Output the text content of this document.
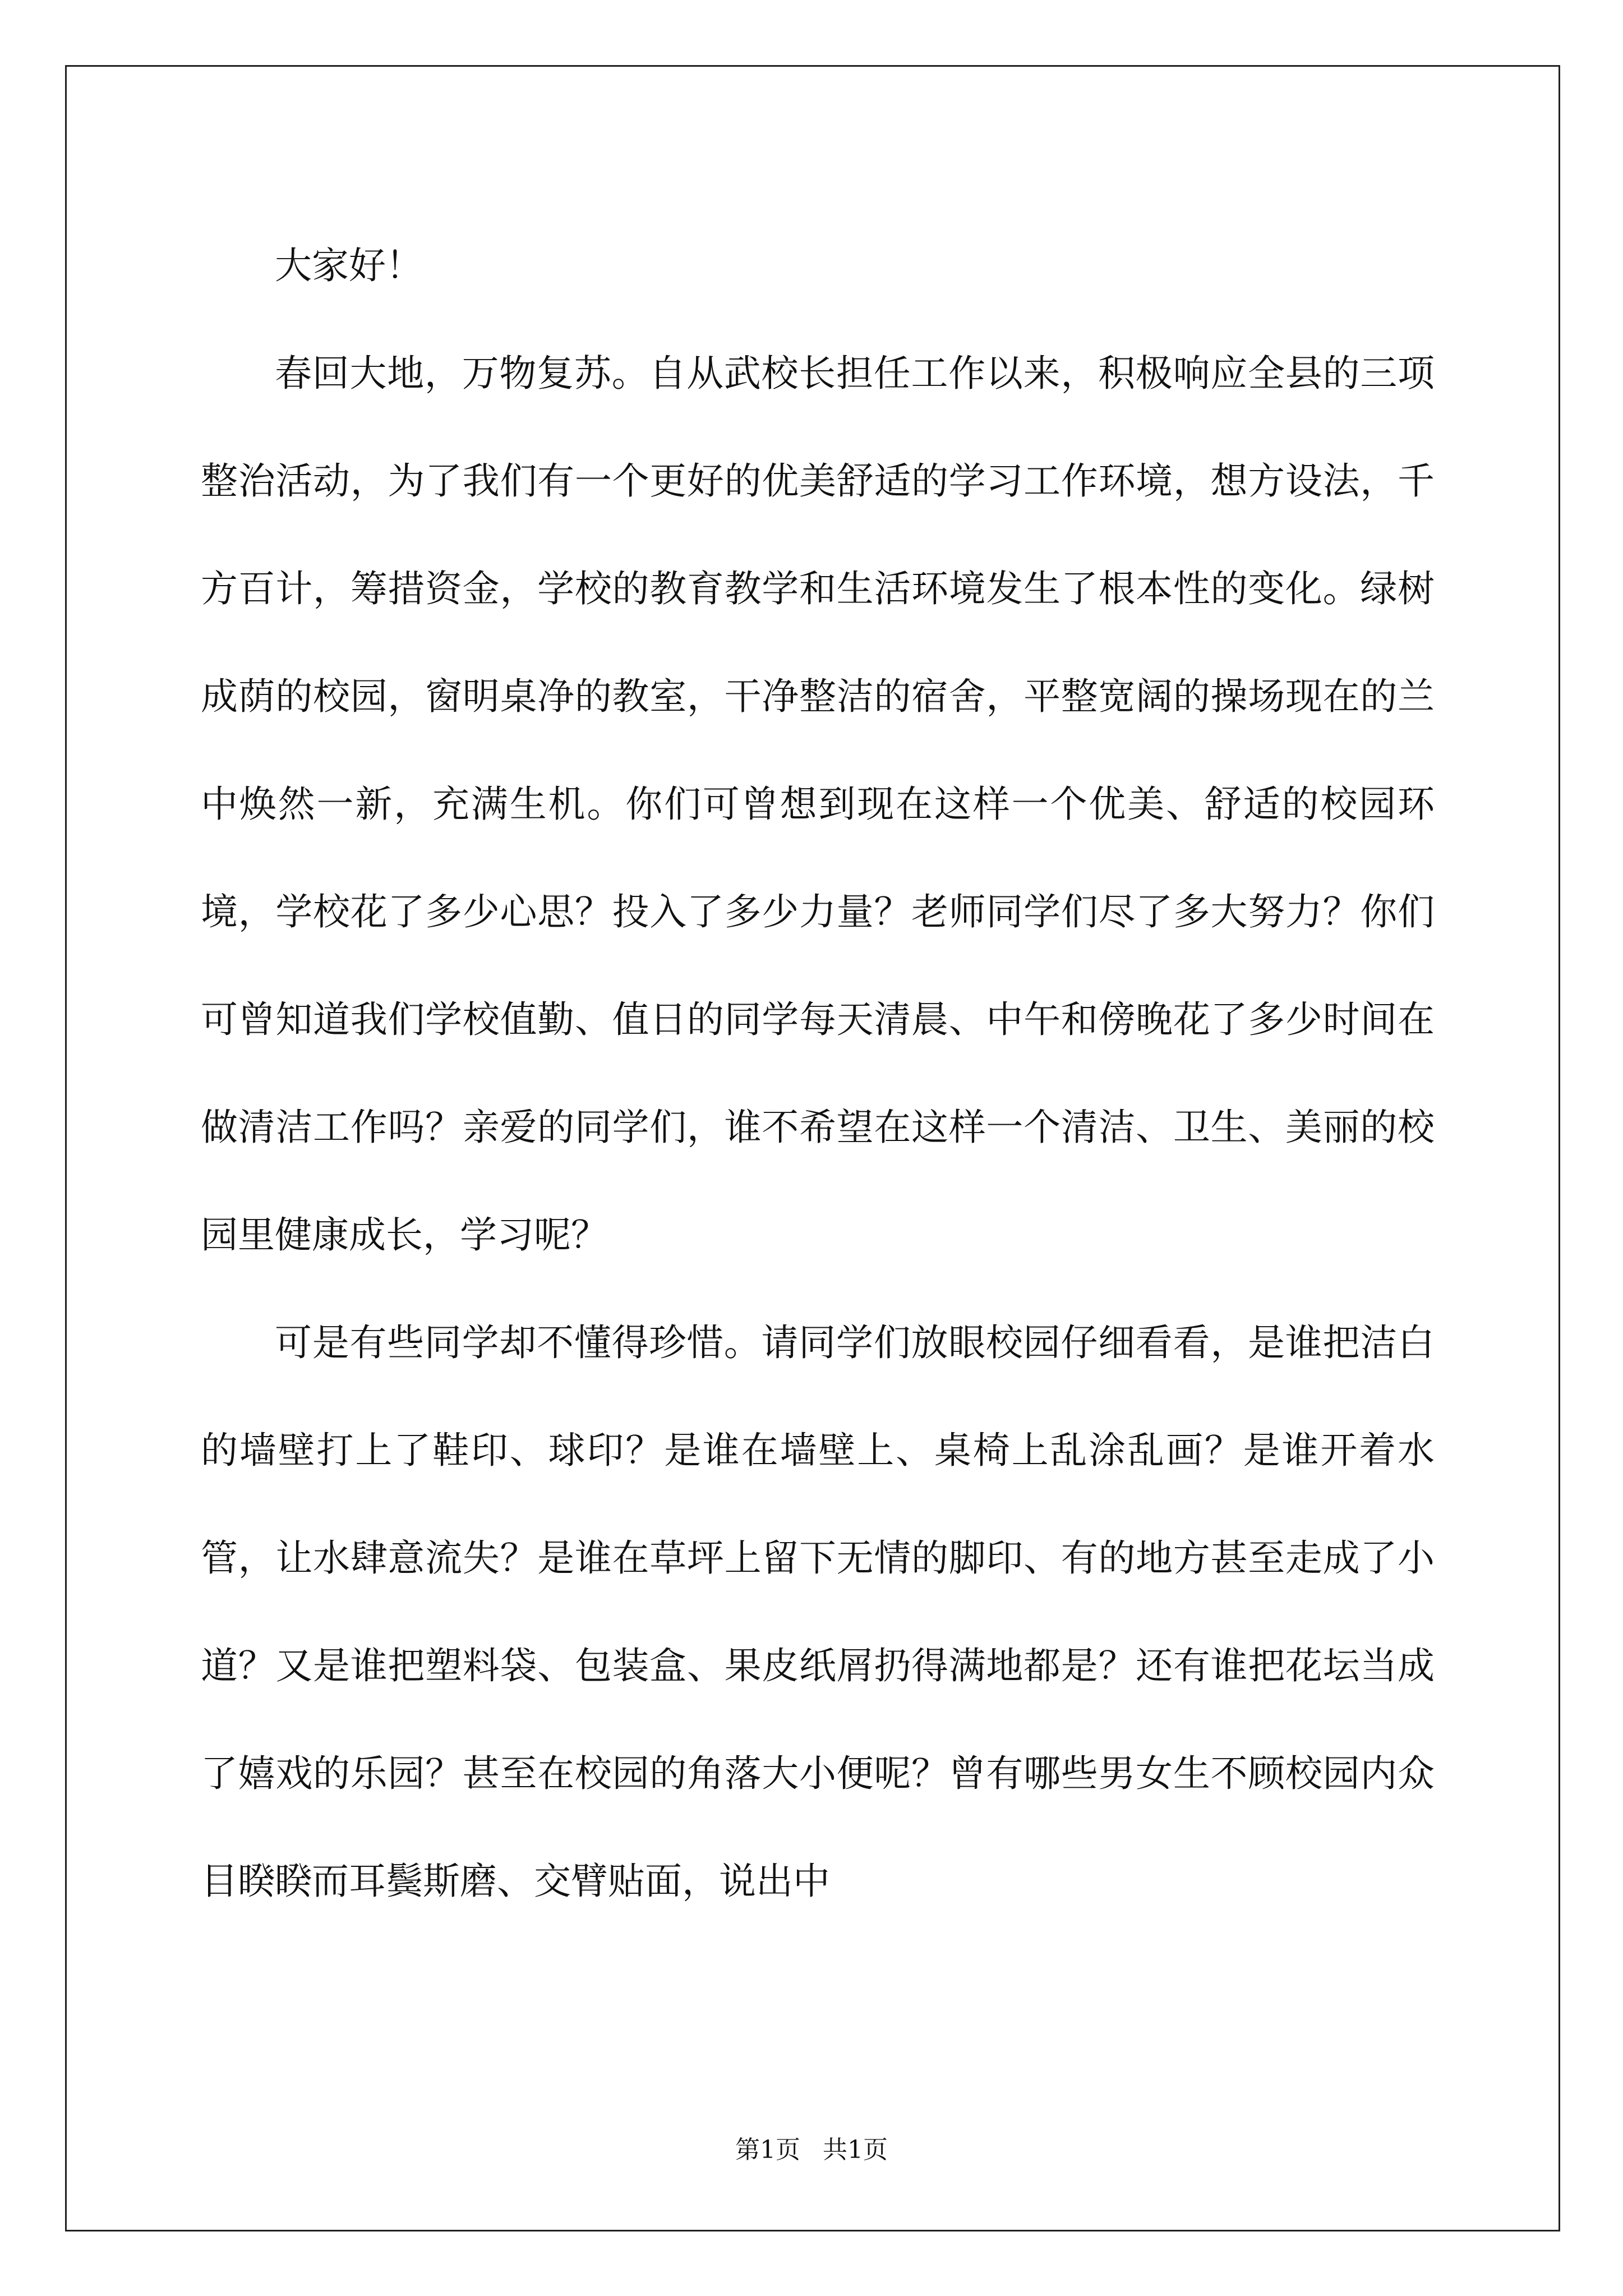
大家好！

春回大地，万物复苏。自从武校长担任工作以来，积极响应全县的三项整治活动，为了我们有一个更好的优美舒适的学习工作环境，想方设法，千方百计，筹措资金，学校的教育教学和生活环境发生了根本性的变化。绿树成荫的校园，窗明桌净的教室，干净整洁的宿舍，平整宽阔的操场现在的兰中焕然一新，充满生机。你们可曾想到现在这样一个优美、舒适的校园环境，学校花了多少心思？投入了多少力量？老师同学们尽了多大努力？你们可曾知道我们学校值勤、值日的同学每天清晨、中午和傍晚花了多少时间在做清洁工作吗？亲爱的同学们，谁不希望在这样一个清洁、卫生、美丽的校园里健康成长，学习呢？

可是有些同学却不懂得珍惜。请同学们放眼校园仔细看看，是谁把洁白的墙壁打上了鞋印、球印？是谁在墙壁上、桌椅上乱涂乱画？是谁开着水管，让水肆意流失？是谁在草坪上留下无情的脚印、有的地方甚至走成了小道？又是谁把塑料袋、包装盒、果皮纸屑扔得满地都是？还有谁把花坛当成了嬉戏的乐园？甚至在校园的角落大小便呢？曾有哪些男女生不顾校园内众目睽睽而耳鬓斯磨、交臂贴面，说出中

第1页 共1页
